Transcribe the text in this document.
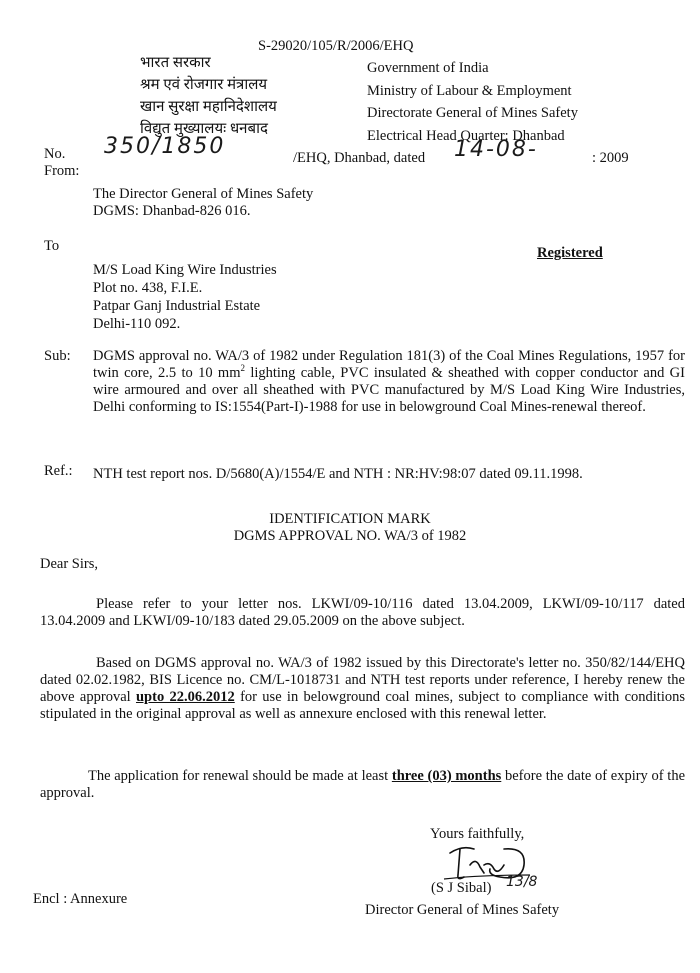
S-29020/105/R/2006/EHQ
भारत सरकार
श्रम एवं रोजगार मंत्रालय
खान सुरक्षा महानिदेशालय
विद्युत मुख्यालयः धनबाद
Government of India
Ministry of Labour & Employment
Directorate General of Mines Safety
Electrical Head Quarter: Dhanbad
No.
From:
350/1850	/EHQ, Dhanbad, dated 14-08-	: 2009
The Director General of Mines Safety
DGMS: Dhanbad-826 016.
To	Registered
M/S Load King Wire Industries
Plot no. 438, F.I.E.
Patpar Ganj Industrial Estate
Delhi-110 092.
Sub: DGMS approval no. WA/3 of 1982 under Regulation 181(3) of the Coal Mines Regulations, 1957 for twin core, 2.5 to 10 $mm^2$ lighting cable, PVC insulated & sheathed with copper conductor and GI wire armoured and over all sheathed with PVC manufactured by M/S Load King Wire Industries, Delhi conforming to IS:1554(Part-I)-1988 for use in belowground Coal Mines-renewal thereof.
Ref.: NTH test report nos. D/5680(A)/1554/E and NTH : NR:HV:98:07 dated 09.11.1998.
IDENTIFICATION MARK
DGMS APPROVAL NO. WA/3 of 1982
Dear Sirs,
Please refer to your letter nos. LKWI/09-10/116 dated 13.04.2009, LKWI/09-10/117 dated 13.04.2009 and LKWI/09-10/183 dated 29.05.2009 on the above subject.
Based on DGMS approval no. WA/3 of 1982 issued by this Directorate's letter no. 350/82/144/EHQ dated 02.02.1982, BIS Licence no. CM/L-1018731 and NTH test reports under reference, I hereby renew the above approval upto 22.06.2012 for use in belowground coal mines, subject to compliance with conditions stipulated in the original approval as well as annexure enclosed with this renewal letter.
The application for renewal should be made at least three (03) months before the date of expiry of the approval.
Yours faithfully,
(S J Sibal) 13/8
Director General of Mines Safety
Encl : Annexure
